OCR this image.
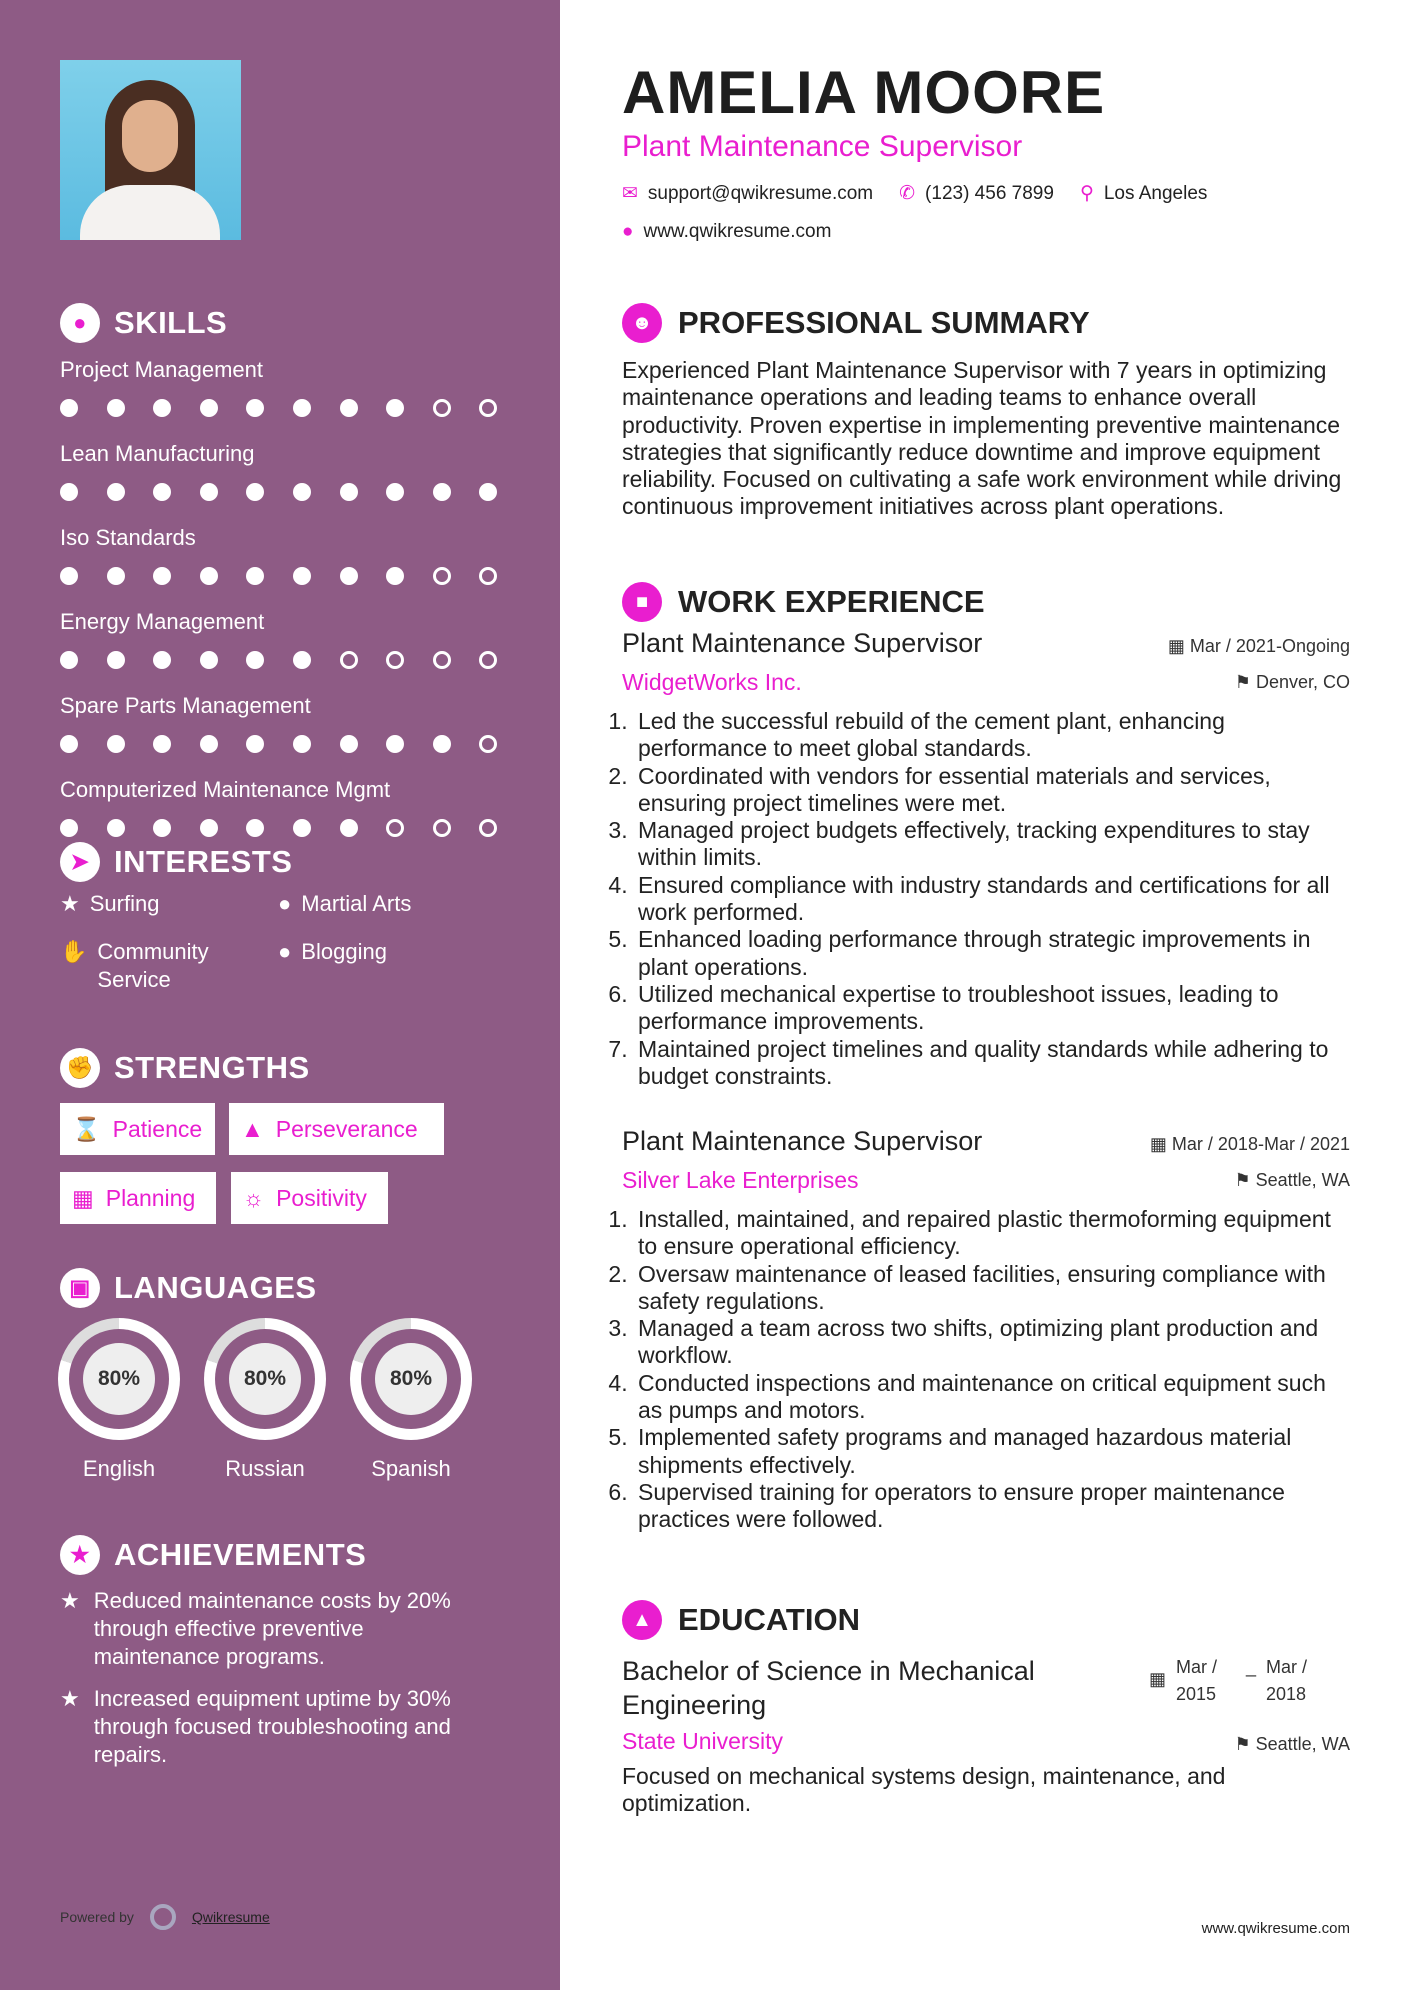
● SKILLS
Project Management
Lean Manufacturing
Iso Standards
Energy Management
Spare Parts Management
Computerized Maintenance Mgmt
➤ INTERESTS
★ Surfing	● Martial Arts
✋ Community Service
● Blogging
✊ STRENGTHS
⌛ Patience ▲ Perseverance
▦ Planning ☼ Positivity
▣ LANGUAGES
80%
English
80%
Russian
80%
Spanish
★ ACHIEVEMENTS
★ Reduced maintenance costs by 20% through effective preventive maintenance programs.
★ Increased equipment uptime by 30% through focused troubleshooting and repairs.
Powered by	Qwikresume
AMELIA MOORE
Plant Maintenance Supervisor
✉ support@qwikresume.com ✆ (123) 456 7899 ⚲ Los Angeles
● www.qwikresume.com
☻ PROFESSIONAL SUMMARY

Experienced Plant Maintenance Supervisor with 7 years in optimizing maintenance operations and leading teams to enhance overall productivity. Proven expertise in implementing preventive maintenance strategies that significantly reduce downtime and improve equipment reliability. Focused on cultivating a safe work environment while driving continuous improvement initiatives across plant operations.

■ WORK EXPERIENCE
Plant Maintenance Supervisor	▦ Mar / 2021-Ongoing
WidgetWorks Inc.	⚑ Denver, CO
1. Led the successful rebuild of the cement plant, enhancing performance to meet global standards.
2. Coordinated with vendors for essential materials and services, ensuring project timelines were met.
3. Managed project budgets effectively, tracking expenditures to stay within limits.
4. Ensured compliance with industry standards and certifications for all work performed.
5. Enhanced loading performance through strategic improvements in plant operations.
6. Utilized mechanical expertise to troubleshoot issues, leading to performance improvements.
7. Maintained project timelines and quality standards while adhering to budget constraints.
Plant Maintenance Supervisor	▦ Mar / 2018-Mar / 2021
Silver Lake Enterprises	⚑ Seattle, WA
1. Installed, maintained, and repaired plastic thermoforming equipment to ensure operational efficiency.
2. Oversaw maintenance of leased facilities, ensuring compliance with safety regulations.
3. Managed a team across two shifts, optimizing plant production and workflow.
4. Conducted inspections and maintenance on critical equipment such as pumps and motors.
5. Implemented safety programs and managed hazardous material shipments effectively.
6. Supervised training for operators to ensure proper maintenance practices were followed.
▲ EDUCATION
Bachelor of Science in Mechanical Engineering
▦
Mar / 2015
_ Mar / 2018
State University	⚑ Seattle, WA

Focused on mechanical systems design, maintenance, and optimization.

www.qwikresume.com
